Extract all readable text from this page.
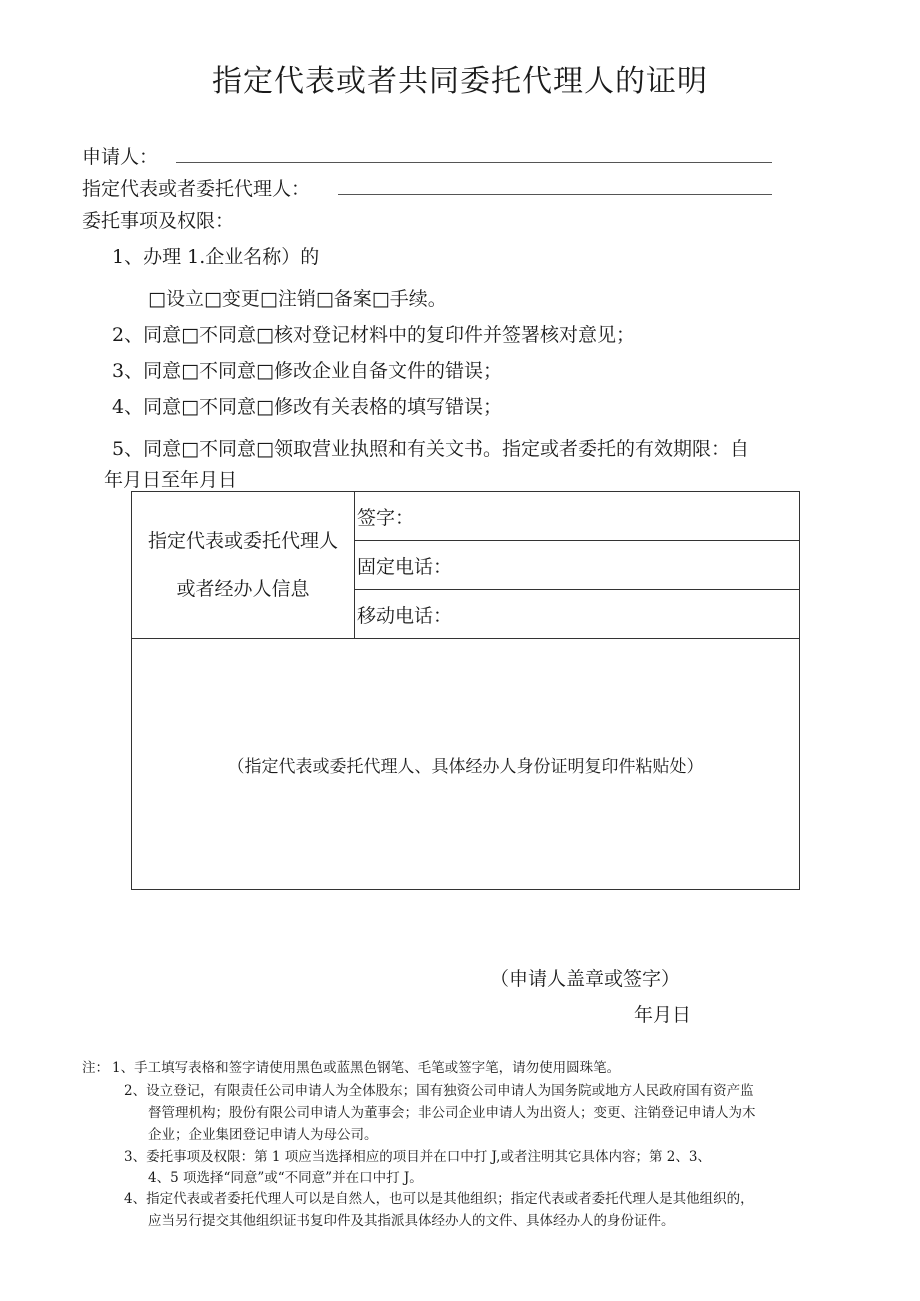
指定代表或者共同委托代理人的证明
申请人：
指定代表或者委托代理人：
委托事项及权限：
1、办理 1.企业名称）的
□设立□变更□注销□备案□手续。
2、同意□不同意□核对登记材料中的复印件并签署核对意见；
3、同意□不同意□修改企业自备文件的错误；
4、同意□不同意□修改有关表格的填写错误；
5、同意□不同意□领取营业执照和有关文书。指定或者委托的有效期限：自
年月日至年月日
指定代表或委托代理人
或者经办人信息
	签字：
固定电话：
移动电话：
（指定代表或委托代理人、具体经办人身份证明复印件粘贴处）
（申请人盖章或签字）
年月日
注： 1、手工填写表格和签字请使用黑色或蓝黑色钢笔、毛笔或签字笔，请勿使用圆珠笔。
2、设立登记，有限责任公司申请人为全体股东；国有独资公司申请人为国务院或地方人民政府国有资产监
督管理机构；股份有限公司申请人为董事会；非公司企业申请人为出资人；变更、注销登记申请人为木
企业；企业集团登记申请人为母公司。
3、委托事项及权限：第 1 项应当选择相应的项目并在口中打 J,或者注明其它具体内容；第 2、3、
4、5 项选择“同意”或“不同意”并在口中打 J。
4、指定代表或者委托代理人可以是自然人，也可以是其他组织；指定代表或者委托代理人是其他组织的，
应当另行提交其他组织证书复印件及其指派具体经办人的文件、具体经办人的身份证件。
